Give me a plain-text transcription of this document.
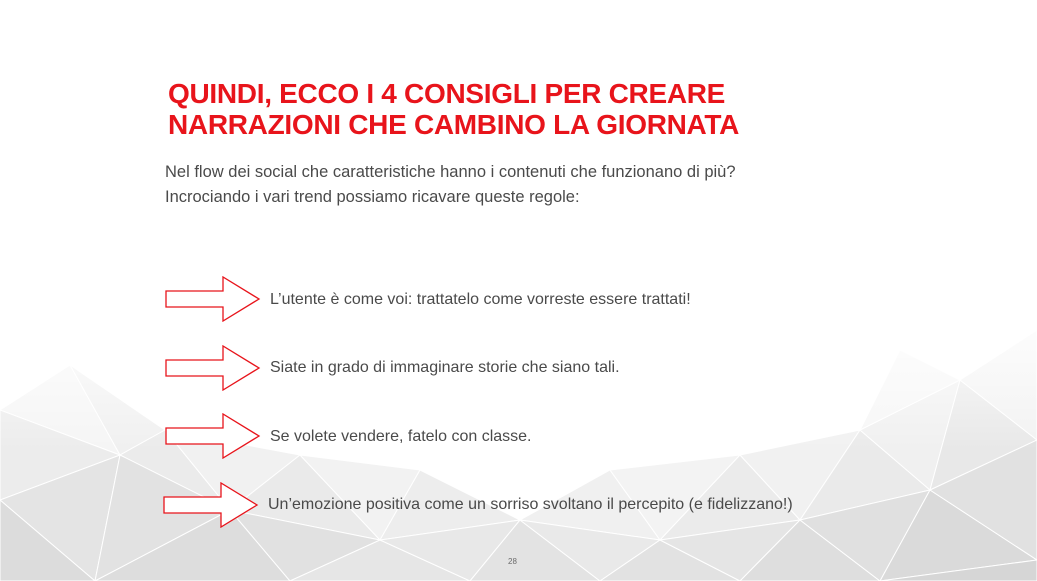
QUINDI, ECCO I 4 CONSIGLI PER CREARE
NARRAZIONI CHE CAMBINO LA GIORNATA

Nel flow dei social che caratteristiche hanno i contenuti che funzionano di più?
Incrociando i vari trend possiamo ricavare queste regole:

L’utente è come voi: trattatelo come vorreste essere trattati!
Siate in grado di immaginare storie che siano tali.
Se volete vendere, fatelo con classe.
Un’emozione positiva come un sorriso svoltano il percepito (e fidelizzano!)
28
